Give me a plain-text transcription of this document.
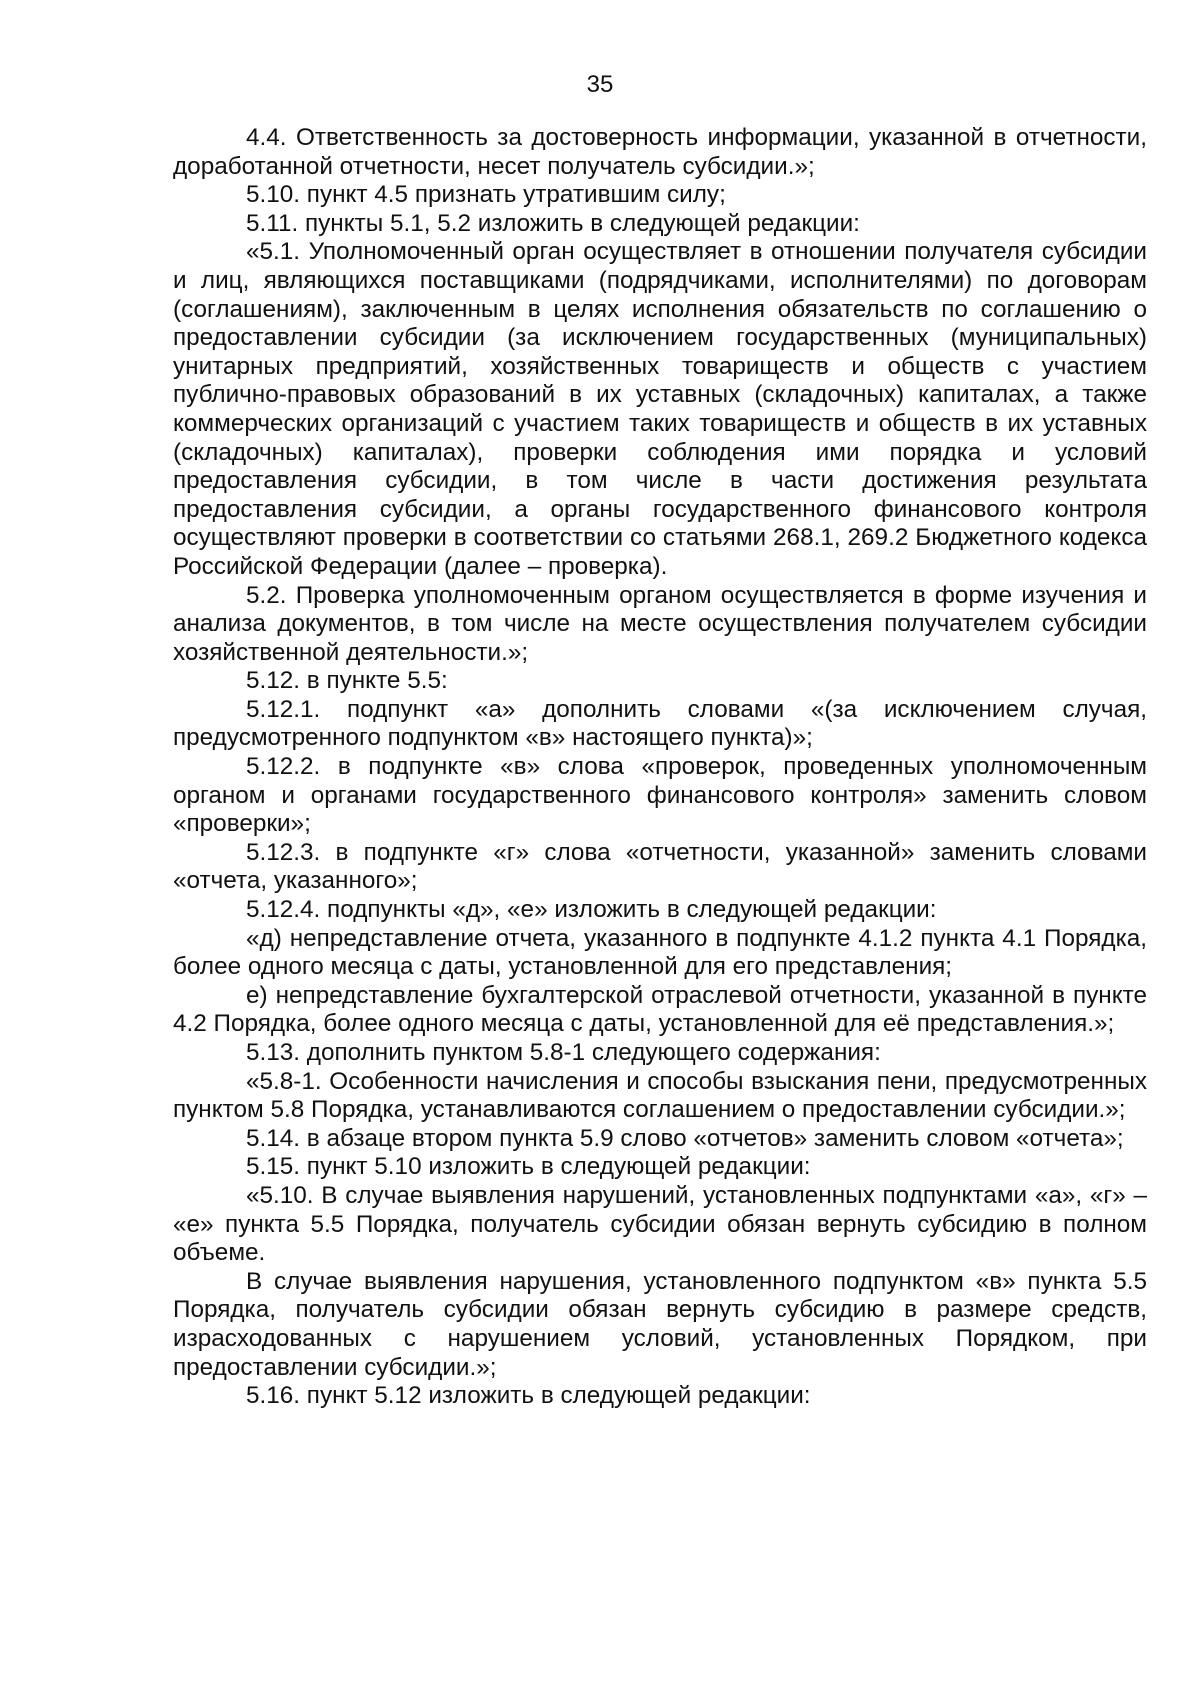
35

4.4. Ответственность за достоверность информации, указанной в отчетности, доработанной отчетности, несет получатель субсидии.»;

5.10. пункт 4.5 признать утратившим силу;

5.11. пункты 5.1, 5.2 изложить в следующей редакции:

«5.1. Уполномоченный орган осуществляет в отношении получателя субсидии и лиц, являющихся поставщиками (подрядчиками, исполнителями) по договорам (соглашениям), заключенным в целях исполнения обязательств по соглашению о предоставлении субсидии (за исключением государственных (муниципальных) унитарных предприятий, хозяйственных товариществ и обществ с участием публично-правовых образований в их уставных (складочных) капиталах, а также коммерческих организаций с участием таких товариществ и обществ в их уставных (складочных) капиталах), проверки соблюдения ими порядка и условий предоставления субсидии, в том числе в части достижения результата предоставления субсидии, а органы государственного финансового контроля осуществляют проверки в соответствии со статьями 268.1, 269.2 Бюджетного кодекса Российской Федерации (далее – проверка).

5.2. Проверка уполномоченным органом осуществляется в форме изучения и анализа документов, в том числе на месте осуществления получателем субсидии хозяйственной деятельности.»;

5.12. в пункте 5.5:

5.12.1. подпункт «а» дополнить словами «(за исключением случая, предусмотренного подпунктом «в» настоящего пункта)»;

5.12.2. в подпункте «в» слова «проверок, проведенных уполномоченным органом и органами государственного финансового контроля» заменить словом «проверки»;

5.12.3. в подпункте «г» слова «отчетности, указанной» заменить словами «отчета, указанного»;

5.12.4. подпункты «д», «е» изложить в следующей редакции:

«д) непредставление отчета, указанного в подпункте 4.1.2 пункта 4.1 Порядка, более одного месяца с даты, установленной для его представления;

е) непредставление бухгалтерской отраслевой отчетности, указанной в пункте 4.2 Порядка, более одного месяца с даты, установленной для её представления.»;

5.13. дополнить пунктом 5.8-1 следующего содержания:

«5.8-1. Особенности начисления и способы взыскания пени, предусмотренных пунктом 5.8 Порядка, устанавливаются соглашением о предоставлении субсидии.»;

5.14. в абзаце втором пункта 5.9 слово «отчетов» заменить словом «отчета»;

5.15. пункт 5.10 изложить в следующей редакции:

«5.10. В случае выявления нарушений, установленных подпунктами «а», «г» – «е» пункта 5.5 Порядка, получатель субсидии обязан вернуть субсидию в полном объеме.

В случае выявления нарушения, установленного подпунктом «в» пункта 5.5 Порядка, получатель субсидии обязан вернуть субсидию в размере средств, израсходованных с нарушением условий, установленных Порядком, при предоставлении субсидии.»;

5.16. пункт 5.12 изложить в следующей редакции:
